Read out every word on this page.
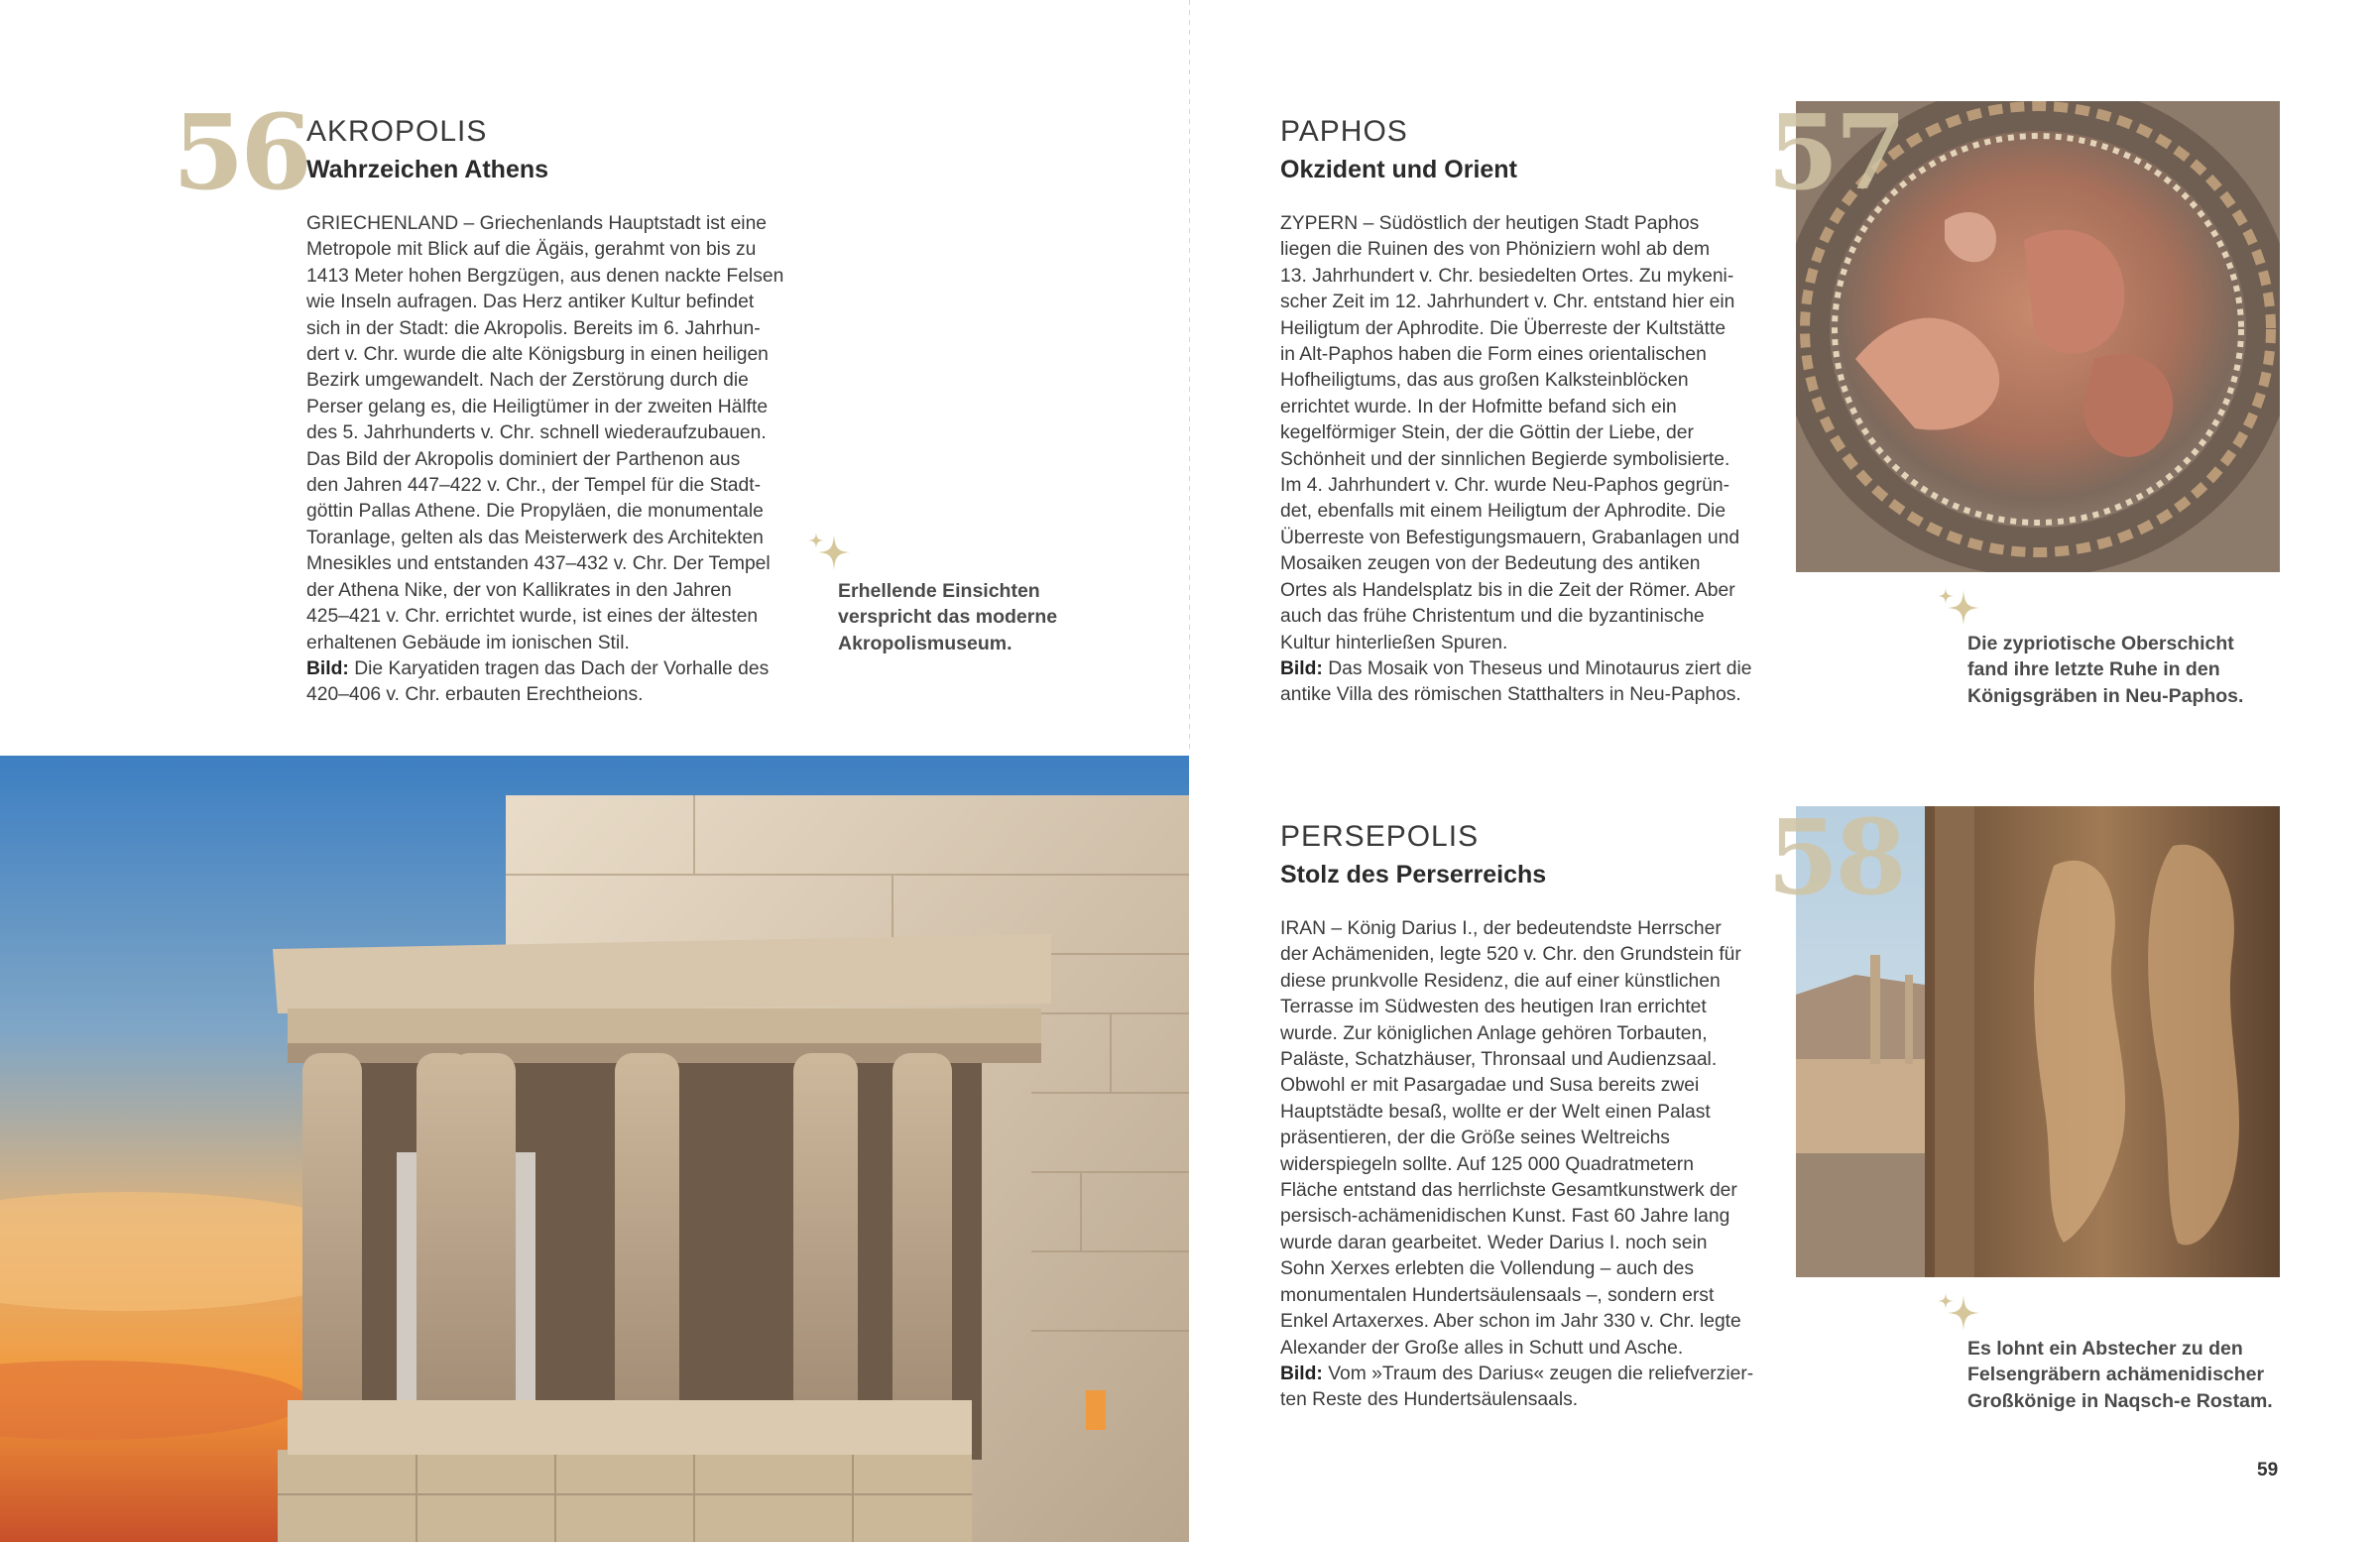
56
AKROPOLIS
Wahrzeichen Athens
GRIECHENLAND – Griechenlands Hauptstadt ist eine
Metropole mit Blick auf die Ägäis, gerahmt von bis zu
1413 Meter hohen Bergzügen, aus denen nackte Felsen
wie Inseln aufragen. Das Herz antiker Kultur befindet
sich in der Stadt: die Akropolis. Bereits im 6. Jahrhun-
dert v. Chr. wurde die alte Königsburg in einen heiligen
Bezirk umgewandelt. Nach der Zerstörung durch die
Perser gelang es, die Heiligtümer in der zweiten Hälfte
des 5. Jahrhunderts v. Chr. schnell wiederaufzubauen.
Das Bild der Akropolis dominiert der Parthenon aus
den Jahren 447–422 v. Chr., der Tempel für die Stadt-
göttin Pallas Athene. Die Propyläen, die monumentale
Toranlage, gelten als das Meisterwerk des Architekten
Mnesikles und entstanden 437–432 v. Chr. Der Tempel
der Athena Nike, der von Kallikrates in den Jahren
425–421 v. Chr. errichtet wurde, ist eines der ältesten
erhaltenen Gebäude im ionischen Stil.
Bild: Die Karyatiden tragen das Dach der Vorhalle des
420–406 v. Chr. erbauten Erechtheions.
Erhellende Einsichten
verspricht das moderne
Akropolismuseum.
PAPHOS
Okzident und Orient
ZYPERN – Südöstlich der heutigen Stadt Paphos
liegen die Ruinen des von Phöniziern wohl ab dem
13. Jahrhundert v. Chr. besiedelten Ortes. Zu mykeni-
scher Zeit im 12. Jahrhundert v. Chr. entstand hier ein
Heiligtum der Aphrodite. Die Überreste der Kultstätte
in Alt-Paphos haben die Form eines orientalischen
Hofheiligtums, das aus großen Kalksteinblöcken
errichtet wurde. In der Hofmitte befand sich ein
kegelförmiger Stein, der die Göttin der Liebe, der
Schönheit und der sinnlichen Begierde symbolisierte.
Im 4. Jahrhundert v. Chr. wurde Neu-Paphos gegrün-
det, ebenfalls mit einem Heiligtum der Aphrodite. Die
Überreste von Befestigungsmauern, Grabanlagen und
Mosaiken zeugen von der Bedeutung des antiken
Ortes als Handelsplatz bis in die Zeit der Römer. Aber
auch das frühe Christentum und die byzantinische
Kultur hinterließen Spuren.
Bild: Das Mosaik von Theseus und Minotaurus ziert die
antike Villa des römischen Statthalters in Neu-Paphos.
57
Die zypriotische Oberschicht
fand ihre letzte Ruhe in den
Königsgräben in Neu-Paphos.
PERSEPOLIS
Stolz des Perserreichs
IRAN – König Darius I., der bedeutendste Herrscher
der Achämeniden, legte 520 v. Chr. den Grundstein für
diese prunkvolle Residenz, die auf einer künstlichen
Terrasse im Südwesten des heutigen Iran errichtet
wurde. Zur königlichen Anlage gehören Torbauten,
Paläste, Schatzhäuser, Thronsaal und Audienzsaal.
Obwohl er mit Pasargadae und Susa bereits zwei
Hauptstädte besaß, wollte er der Welt einen Palast
präsentieren, der die Größe seines Weltreichs
widerspiegeln sollte. Auf 125 000 Quadratmetern
Fläche entstand das herrlichste Gesamtkunstwerk der
persisch-achämenidischen Kunst. Fast 60 Jahre lang
wurde daran gearbeitet. Weder Darius I. noch sein
Sohn Xerxes erlebten die Vollendung – auch des
monumentalen Hundertsäulensaals –, sondern erst
Enkel Artaxerxes. Aber schon im Jahr 330 v. Chr. legte
Alexander der Große alles in Schutt und Asche.
Bild: Vom »Traum des Darius« zeugen die reliefverzier-
ten Reste des Hundertsäulensaals.
58
Es lohnt ein Abstecher zu den
Felsengräbern achämenidischer
Großkönige in Naqsch-e Rostam.
59
